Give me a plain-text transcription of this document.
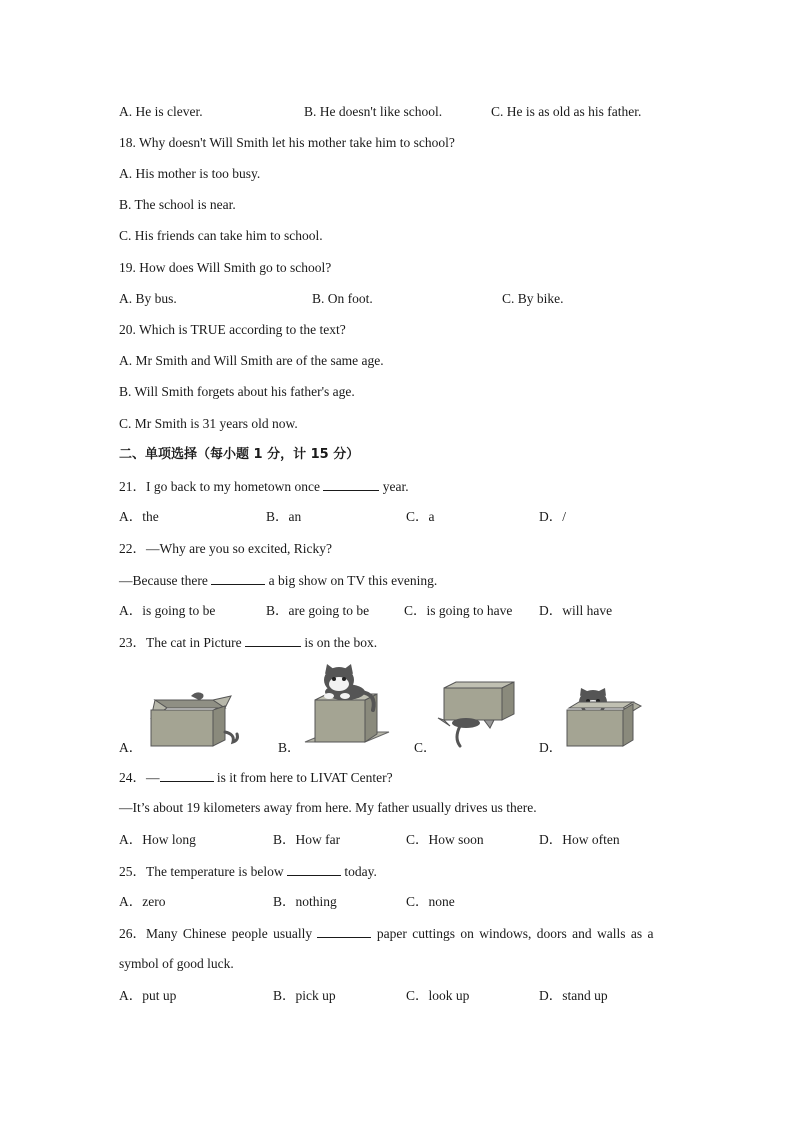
A. He is clever.	B. He doesn't like school.	C. He is as old as his father.
18. Why doesn't Will Smith let his mother take him to school?
A. His mother is too busy.
B. The school is near.
C. His friends can take him to school.
19. How does Will Smith go to school?
A. By bus.	B. On foot.	C. By bike.
20. Which is TRUE according to the text?
A. Mr Smith and Will Smith are of the same age.
B. Will Smith forgets about his father's age.
C. Mr Smith is 31 years old now.
二、单项选择（每小题 1 分，计 15 分）
21．I go back to my hometown once	year.
A．the	B．an	C．a	D．/
22．—Why are you so excited, Ricky?
—Because there	a big show on TV this evening.
A．is going to be	B．are going to be	C．is going to have D．will have
23．The cat in Picture	is on the box.
A．	B．	C．	D．
24．—	is it from here to LIVAT Center?
—It’s about 19 kilometers away from here. My father usually drives us there.
A．How long	B．How far	C．How soon	D．How often
25．The temperature is below	today.
A．zero	B．nothing	C．none
26．Many Chinese people usually	paper cuttings on windows, doors and walls as a
symbol of good luck.
A．put up	B．pick up	C．look up	D．stand up
